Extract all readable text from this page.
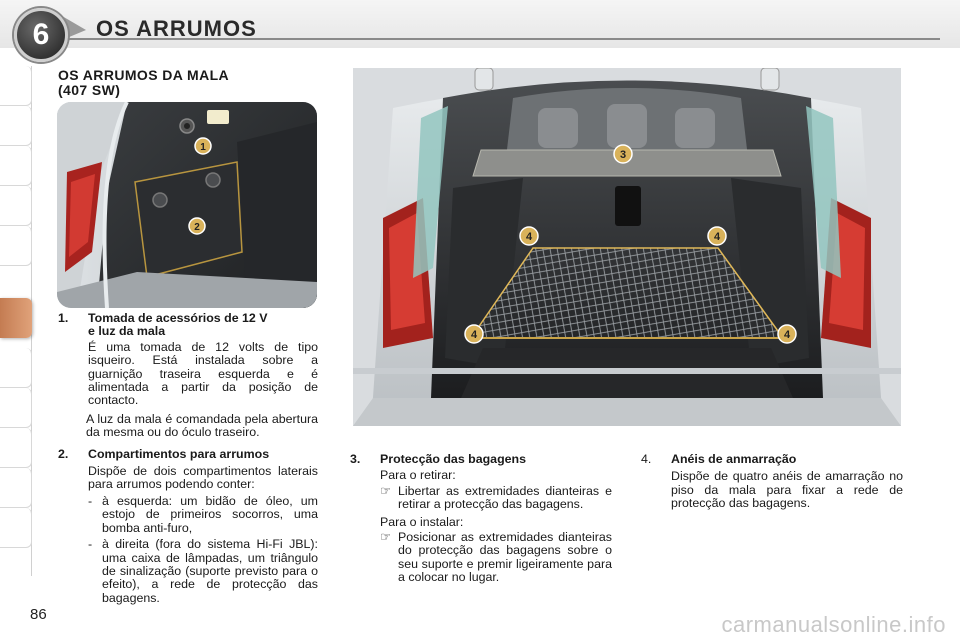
6	OS ARRUMOS
OS ARRUMOS DA MALA
(407 SW)
1
2
3
4	4
4	4
1.	Tomada de acessórios de 12 V
e luz da mala
É uma tomada de 12 volts de tipo isqueiro. Está instalada sobre a guarnição traseira esquerda e é alimentada a partir da posição de contacto.
A luz da mala é comandada pela abertura da mesma ou do óculo traseiro.
2.	Compartimentos para arrumos
Dispõe de dois compartimentos laterais para arrumos podendo conter:
- à esquerda: um bidão de óleo, um estojo de primeiros socorros, uma bomba anti-furo,
- à direita (fora do sistema Hi-Fi JBL): uma caixa de lâmpadas, um triângulo de sinalização (suporte previsto para o efeito), a rede de protecção das bagagens.
3.	Protecção das bagagens
Para o retirar:
☞ Libertar as extremidades dianteiras e retirar a protecção das bagagens.
Para o instalar:
☞ Posicionar as extremidades dianteiras do protecção das bagagens sobre o seu suporte e premir ligeiramente para a colocar no lugar.
4.	Anéis de anmarração
Dispõe de quatro anéis de amarração no piso da mala para fixar a rede de protecção das bagagens.
86	carmanualsonline.info
